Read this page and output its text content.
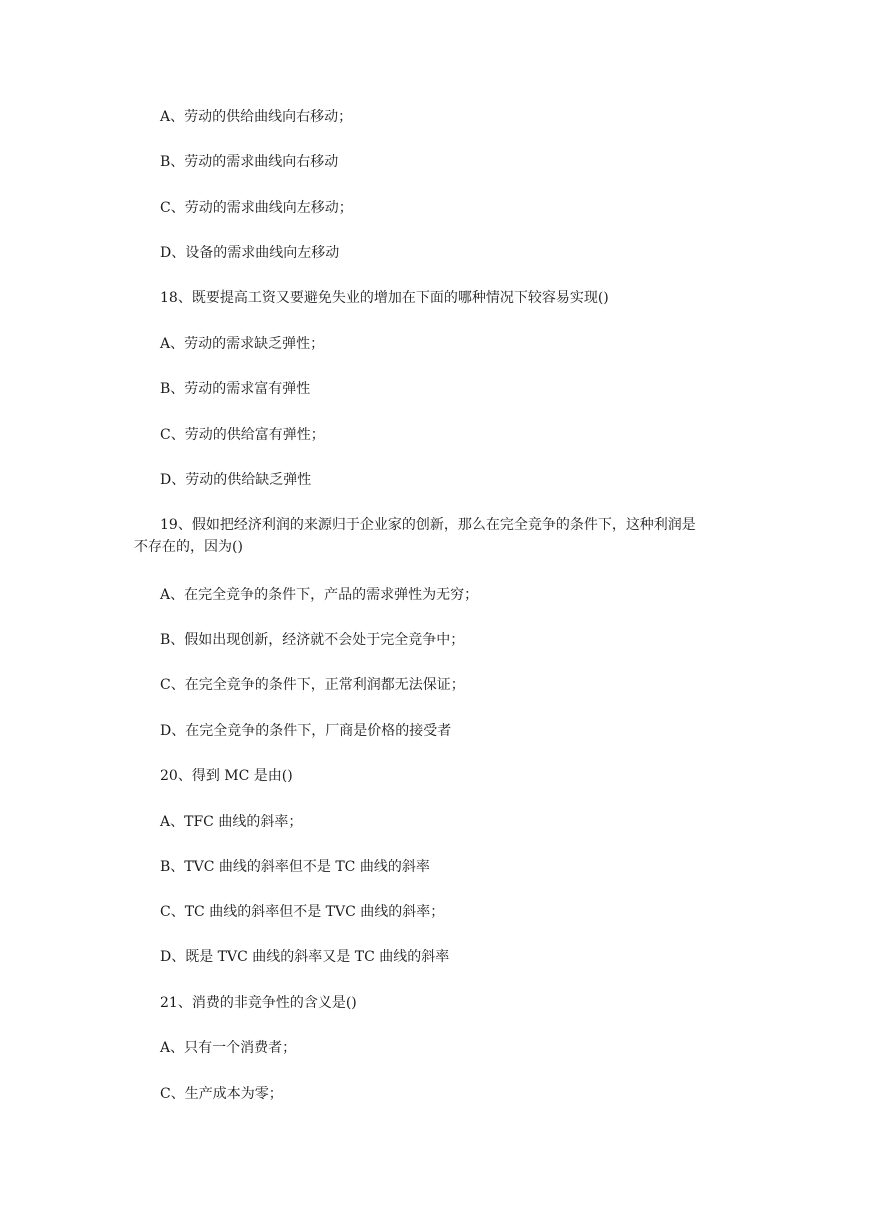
A、劳动的供给曲线向右移动；
B、劳动的需求曲线向右移动
C、劳动的需求曲线向左移动；
D、设备的需求曲线向左移动
18、既要提高工资又要避免失业的增加在下面的哪种情况下较容易实现()
A、劳动的需求缺乏弹性；
B、劳动的需求富有弹性
C、劳动的供给富有弹性；
D、劳动的供给缺乏弹性
19、假如把经济利润的来源归于企业家的创新，那么在完全竞争的条件下，这种利润是
不存在的，因为()
A、在完全竞争的条件下，产品的需求弹性为无穷；
B、假如出现创新，经济就不会处于完全竞争中；
C、在完全竞争的条件下，正常利润都无法保证；
D、在完全竞争的条件下，厂商是价格的接受者
20、得到 MC 是由()
A、TFC 曲线的斜率；
B、TVC 曲线的斜率但不是 TC 曲线的斜率
C、TC 曲线的斜率但不是 TVC 曲线的斜率；
D、既是 TVC 曲线的斜率又是 TC 曲线的斜率
21、消费的非竞争性的含义是()
A、只有一个消费者；
C、生产成本为零；
